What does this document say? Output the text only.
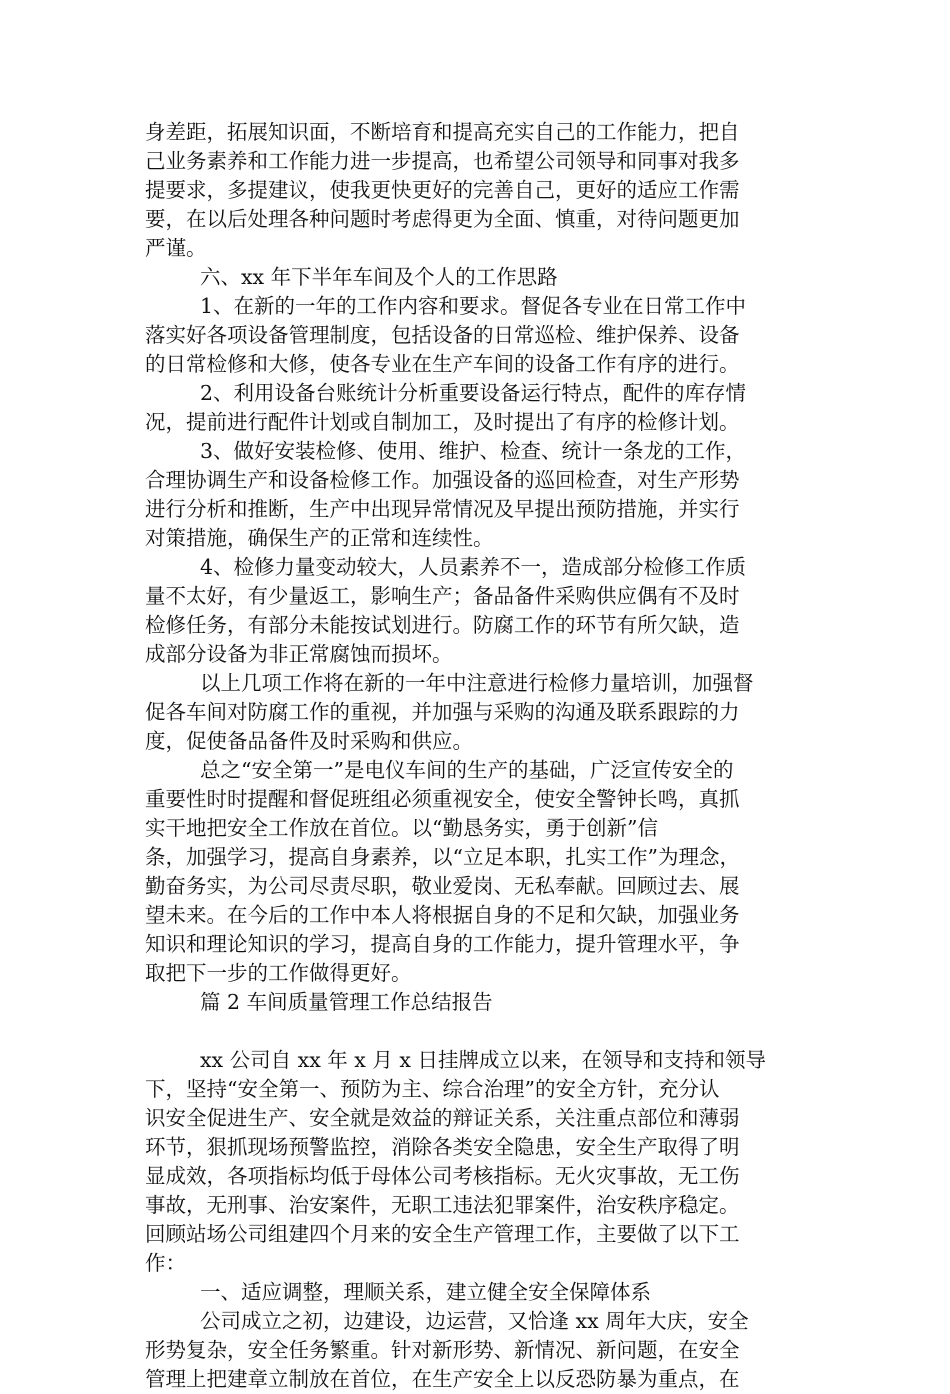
身差距，拓展知识面，不断培育和提高充实自己的工作能力，把自
己业务素养和工作能力进一步提高，也希望公司领导和同事对我多
提要求，多提建议，使我更快更好的完善自己，更好的适应工作需
要，在以后处理各种问题时考虑得更为全面、慎重，对待问题更加
严谨。
六、xx 年下半年车间及个人的工作思路
1、在新的一年的工作内容和要求。督促各专业在日常工作中
落实好各项设备管理制度，包括设备的日常巡检、维护保养、设备
的日常检修和大修，使各专业在生产车间的设备工作有序的进行。
2、利用设备台账统计分析重要设备运行特点，配件的库存情
况，提前进行配件计划或自制加工，及时提出了有序的检修计划。
3、做好安装检修、使用、维护、检查、统计一条龙的工作，
合理协调生产和设备检修工作。加强设备的巡回检查，对生产形势
进行分析和推断，生产中出现异常情况及早提出预防措施，并实行
对策措施，确保生产的正常和连续性。
4、检修力量变动较大，人员素养不一，造成部分检修工作质
量不太好，有少量返工，影响生产；备品备件采购供应偶有不及时
检修任务，有部分未能按试划进行。防腐工作的环节有所欠缺，造
成部分设备为非正常腐蚀而损坏。
以上几项工作将在新的一年中注意进行检修力量培训，加强督
促各车间对防腐工作的重视，并加强与采购的沟通及联系跟踪的力
度，促使备品备件及时采购和供应。
总之“安全第一”是电仪车间的生产的基础，广泛宣传安全的
重要性时时提醒和督促班组必须重视安全，使安全警钟长鸣，真抓
实干地把安全工作放在首位。以“勤恳务实，勇于创新”信
条，加强学习，提高自身素养，以“立足本职，扎实工作”为理念，
勤奋务实，为公司尽责尽职，敬业爱岗、无私奉献。回顾过去、展
望未来。在今后的工作中本人将根据自身的不足和欠缺，加强业务
知识和理论知识的学习，提高自身的工作能力，提升管理水平，争
取把下一步的工作做得更好。
篇 2 车间质量管理工作总结报告
xx 公司自 xx 年 x 月 x 日挂牌成立以来，在领导和支持和领导
下，坚持“安全第一、预防为主、综合治理”的安全方针，充分认
识安全促进生产、安全就是效益的辩证关系，关注重点部位和薄弱
环节，狠抓现场预警监控，消除各类安全隐患，安全生产取得了明
显成效，各项指标均低于母体公司考核指标。无火灾事故，无工伤
事故，无刑事、治安案件，无职工违法犯罪案件，治安秩序稳定。
回顾站场公司组建四个月来的安全生产管理工作，主要做了以下工
作：
一、适应调整，理顺关系，建立健全安全保障体系
公司成立之初，边建设，边运营，又恰逢 xx 周年大庆，安全
形势复杂，安全任务繁重。针对新形势、新情况、新问题，在安全
管理上把建章立制放在首位，在生产安全上以反恐防暴为重点，在
